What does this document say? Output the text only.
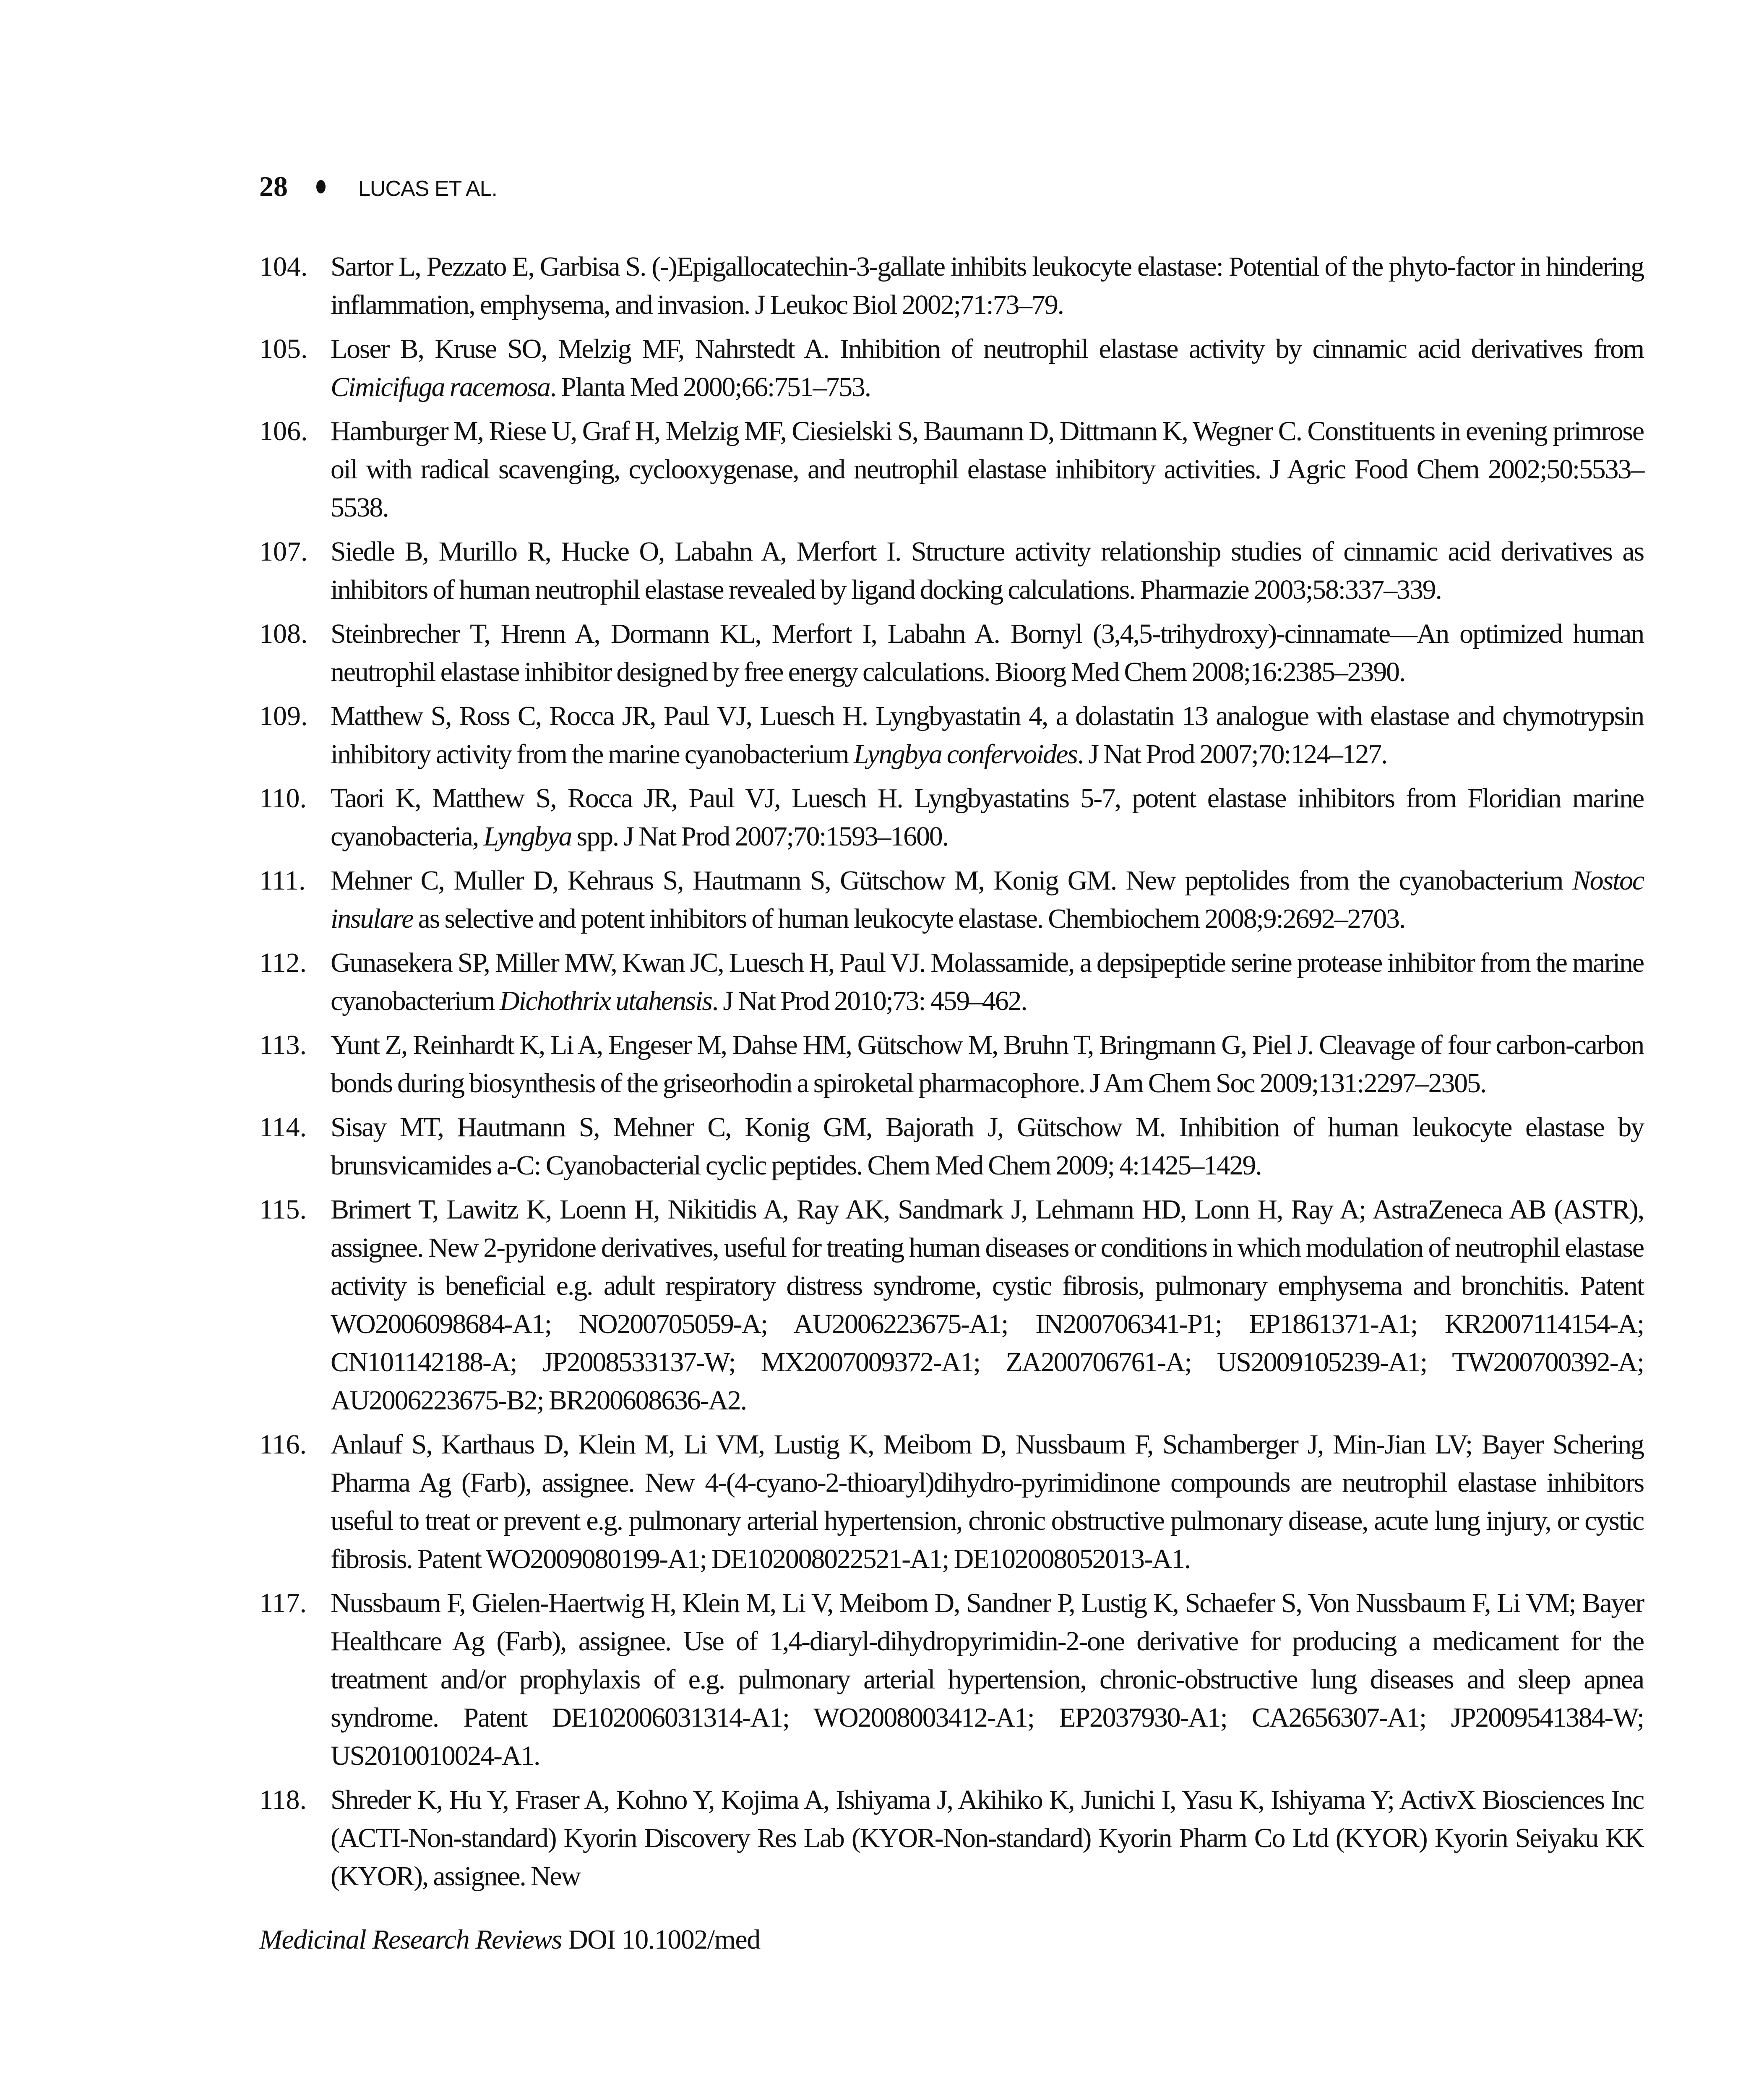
28	LUCAS ET AL.
104. Sartor L, Pezzato E, Garbisa S. (-)Epigallocatechin-3-gallate inhibits leukocyte elastase: Potential of the phyto-factor in hindering inflammation, emphysema, and invasion. J Leukoc Biol 2002;71:73–79.
105. Loser B, Kruse SO, Melzig MF, Nahrstedt A. Inhibition of neutrophil elastase activity by cinnamic acid derivatives from Cimicifuga racemosa. Planta Med 2000;66:751–753.
106. Hamburger M, Riese U, Graf H, Melzig MF, Ciesielski S, Baumann D, Dittmann K, Wegner C. Constituents in evening primrose oil with radical scavenging, cyclooxygenase, and neutrophil elastase inhibitory activities. J Agric Food Chem 2002;50:5533–5538.
107. Siedle B, Murillo R, Hucke O, Labahn A, Merfort I. Structure activity relationship studies of cinnamic acid derivatives as inhibitors of human neutrophil elastase revealed by ligand docking calculations. Pharmazie 2003;58:337–339.
108. Steinbrecher T, Hrenn A, Dormann KL, Merfort I, Labahn A. Bornyl (3,4,5-trihydroxy)-cinnamate—An optimized human neutrophil elastase inhibitor designed by free energy calculations. Bioorg Med Chem 2008;16:2385–2390.
109. Matthew S, Ross C, Rocca JR, Paul VJ, Luesch H. Lyngbyastatin 4, a dolastatin 13 analogue with elastase and chymotrypsin inhibitory activity from the marine cyanobacterium Lyngbya confervoides. J Nat Prod 2007;70:124–127.
110. Taori K, Matthew S, Rocca JR, Paul VJ, Luesch H. Lyngbyastatins 5-7, potent elastase inhibitors from Floridian marine cyanobacteria, Lyngbya spp. J Nat Prod 2007;70:1593–1600.
111. Mehner C, Muller D, Kehraus S, Hautmann S, Gütschow M, Konig GM. New peptolides from the cyanobacterium Nostoc insulare as selective and potent inhibitors of human leukocyte elastase. Chembiochem 2008;9:2692–2703.
112. Gunasekera SP, Miller MW, Kwan JC, Luesch H, Paul VJ. Molassamide, a depsipeptide serine protease inhibitor from the marine cyanobacterium Dichothrix utahensis. J Nat Prod 2010;73: 459–462.
113. Yunt Z, Reinhardt K, Li A, Engeser M, Dahse HM, Gütschow M, Bruhn T, Bringmann G, Piel J. Cleavage of four carbon-carbon bonds during biosynthesis of the griseorhodin a spiroketal pharmacophore. J Am Chem Soc 2009;131:2297–2305.
114. Sisay MT, Hautmann S, Mehner C, Konig GM, Bajorath J, Gütschow M. Inhibition of human leukocyte elastase by brunsvicamides a-C: Cyanobacterial cyclic peptides. Chem Med Chem 2009; 4:1425–1429.
115. Brimert T, Lawitz K, Loenn H, Nikitidis A, Ray AK, Sandmark J, Lehmann HD, Lonn H, Ray A; AstraZeneca AB (ASTR), assignee. New 2-pyridone derivatives, useful for treating human diseases or conditions in which modulation of neutrophil elastase activity is beneficial e.g. adult respiratory distress syndrome, cystic fibrosis, pulmonary emphysema and bronchitis. Patent WO2006098684-A1; NO200705059-A; AU2006223675-A1; IN200706341-P1; EP1861371-A1; KR2007114154-A; CN101142188-A; JP2008533137-W; MX2007009372-A1; ZA200706761-A; US2009105239-A1; TW200700392-A; AU2006223675-B2; BR200608636-A2.
116. Anlauf S, Karthaus D, Klein M, Li VM, Lustig K, Meibom D, Nussbaum F, Schamberger J, Min-Jian LV; Bayer Schering Pharma Ag (Farb), assignee. New 4-(4-cyano-2-thioaryl)dihydro-pyrimidinone compounds are neutrophil elastase inhibitors useful to treat or prevent e.g. pulmonary arterial hypertension, chronic obstructive pulmonary disease, acute lung injury, or cystic fibrosis. Patent WO2009080199-A1; DE102008022521-A1; DE102008052013-A1.
117. Nussbaum F, Gielen-Haertwig H, Klein M, Li V, Meibom D, Sandner P, Lustig K, Schaefer S, Von Nussbaum F, Li VM; Bayer Healthcare Ag (Farb), assignee. Use of 1,4-diaryl-dihydropyrimidin-2-one derivative for producing a medicament for the treatment and/or prophylaxis of e.g. pulmonary arterial hypertension, chronic-obstructive lung diseases and sleep apnea syndrome. Patent DE102006031314-A1; WO2008003412-A1; EP2037930-A1; CA2656307-A1; JP2009541384-W; US2010010024-A1.
118. Shreder K, Hu Y, Fraser A, Kohno Y, Kojima A, Ishiyama J, Akihiko K, Junichi I, Yasu K, Ishiyama Y; ActivX Biosciences Inc (ACTI-Non-standard) Kyorin Discovery Res Lab (KYOR-Non-standard) Kyorin Pharm Co Ltd (KYOR) Kyorin Seiyaku KK (KYOR), assignee. New
Medicinal Research Reviews DOI 10.1002/med
